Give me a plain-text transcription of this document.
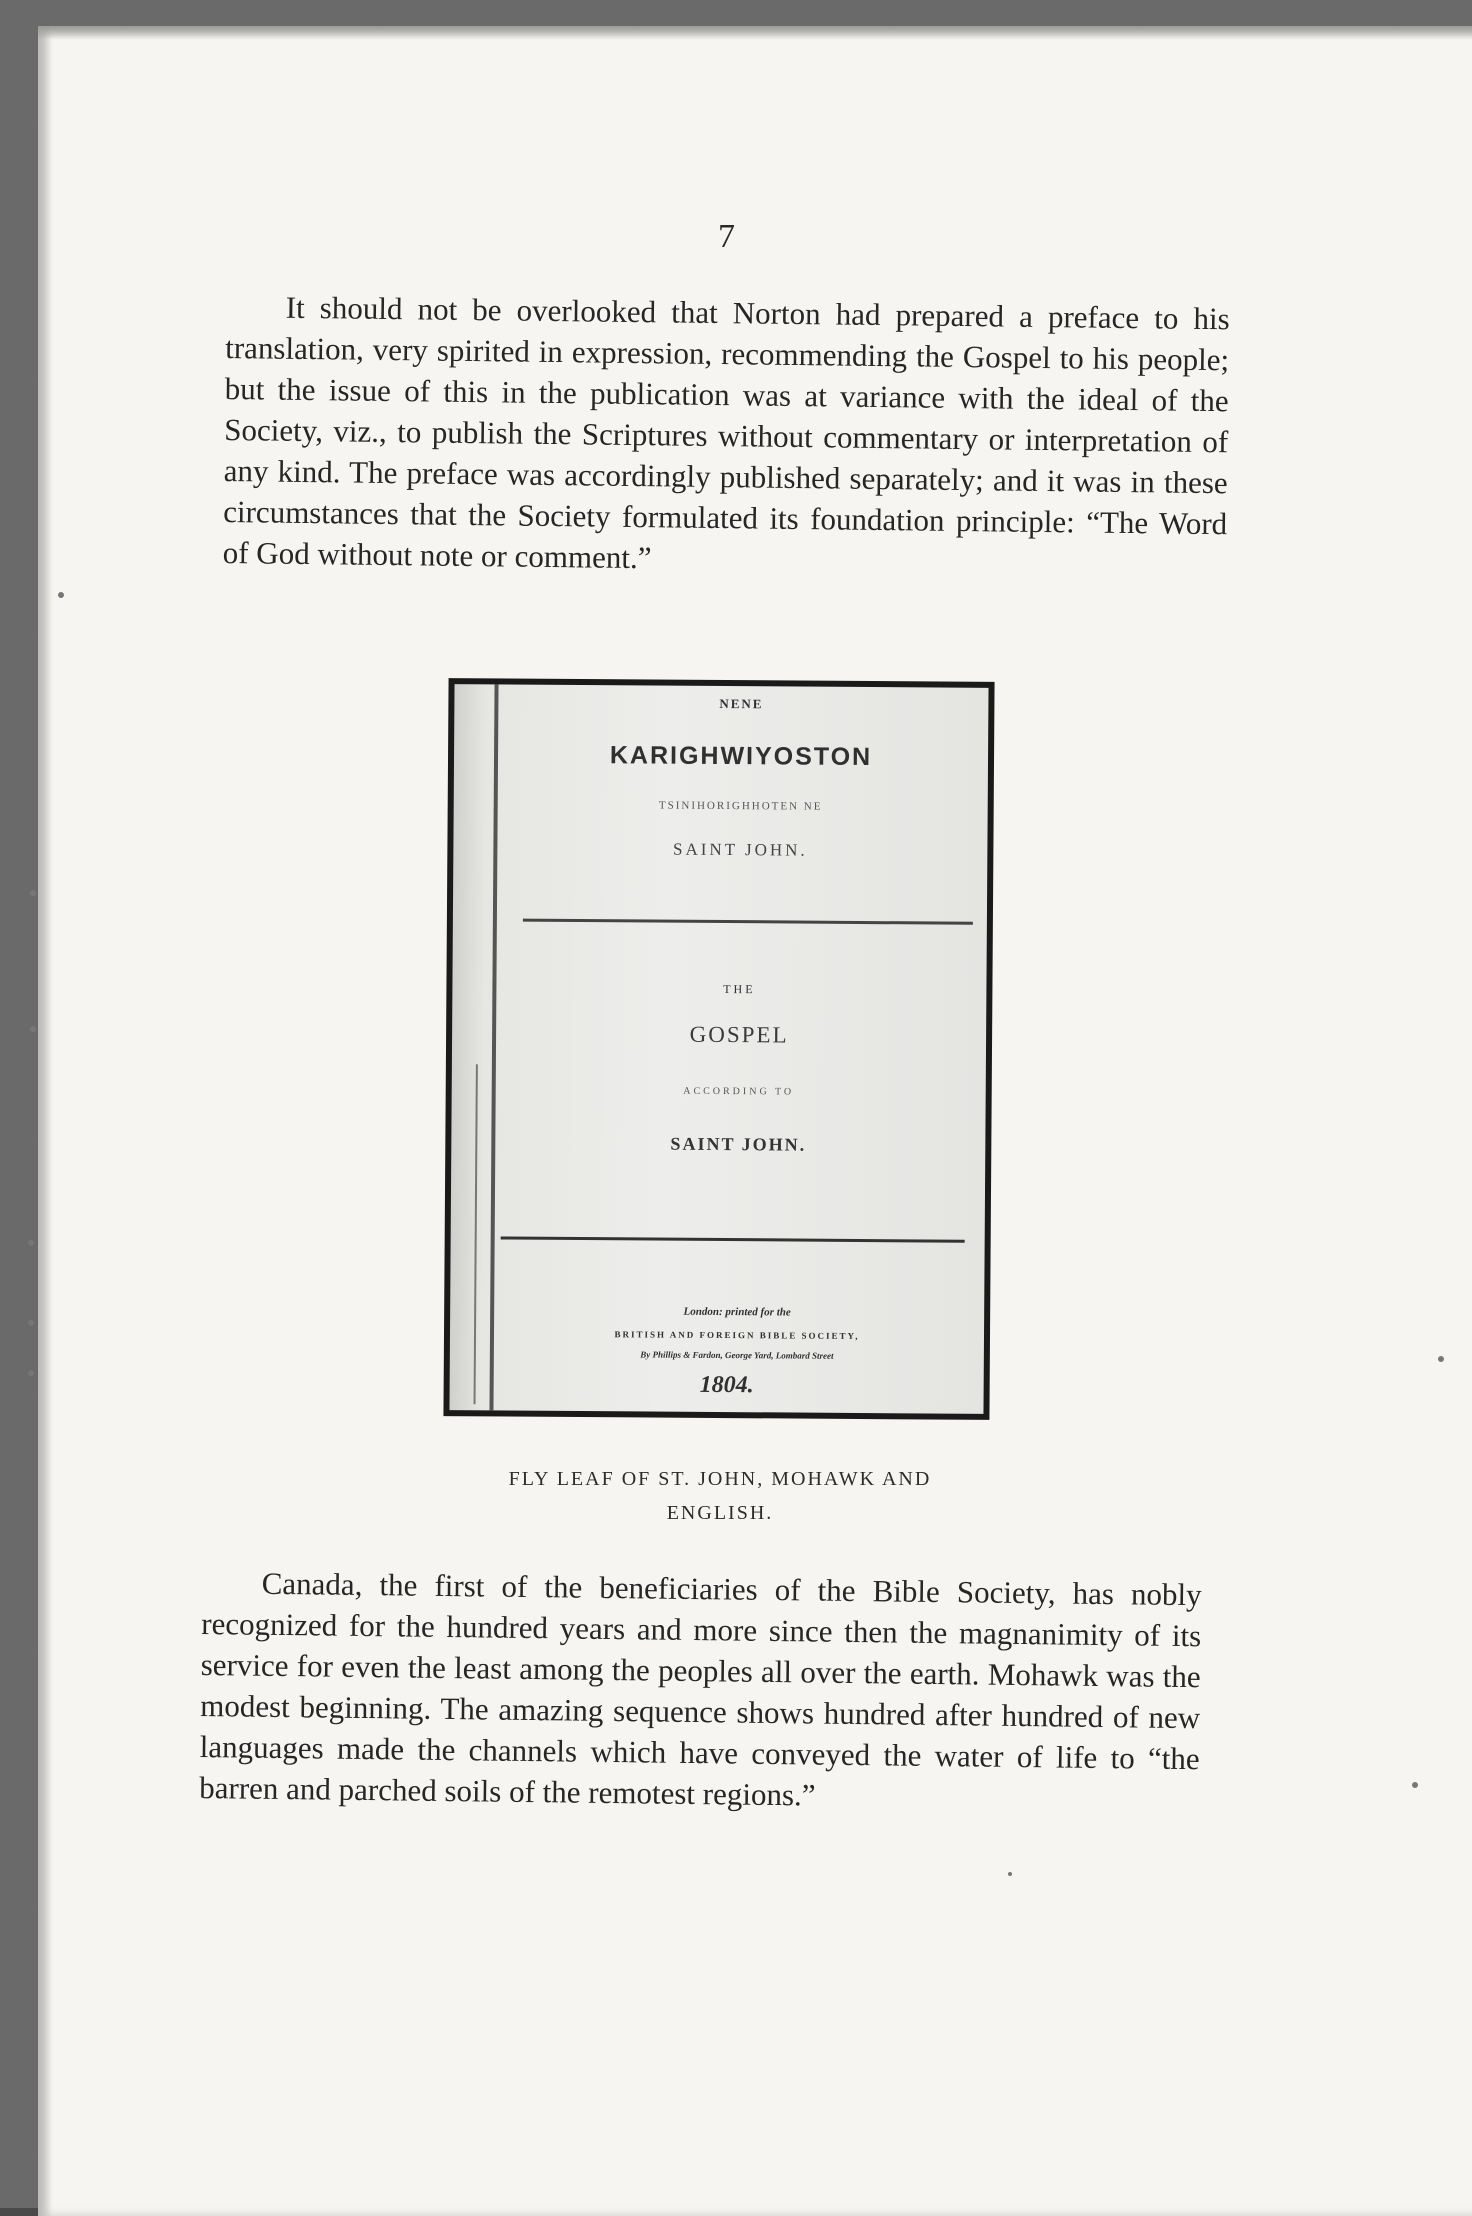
7

It should not be overlooked that Norton had prepared a preface to his translation, very spirited in expression, recommending the Gospel to his people; but the issue of this in the publication was at variance with the ideal of the Society, viz., to publish the Scriptures without commentary or interpretation of any kind. The preface was accordingly published separately; and it was in these circumstances that the Society formulated its foundation principle: “The Word of God without note or comment.”

NENE

KARIGHWIYOSTON

TSINIHORIGHHOTEN NE

SAINT JOHN.

THE

GOSPEL

ACCORDING TO

SAINT JOHN.

London: printed for the

BRITISH AND FOREIGN BIBLE SOCIETY,

By Phillips & Fardon, George Yard, Lombard Street

1804.

FLY LEAF OF ST. JOHN, MOHAWK AND
ENGLISH.

Canada, the first of the beneficiaries of the Bible Society, has nobly recognized for the hundred years and more since then the magnanimity of its service for even the least among the peoples all over the earth. Mohawk was the modest beginning. The amazing sequence shows hundred after hundred of new languages made the channels which have conveyed the water of life to “the barren and parched soils of the remotest regions.”
